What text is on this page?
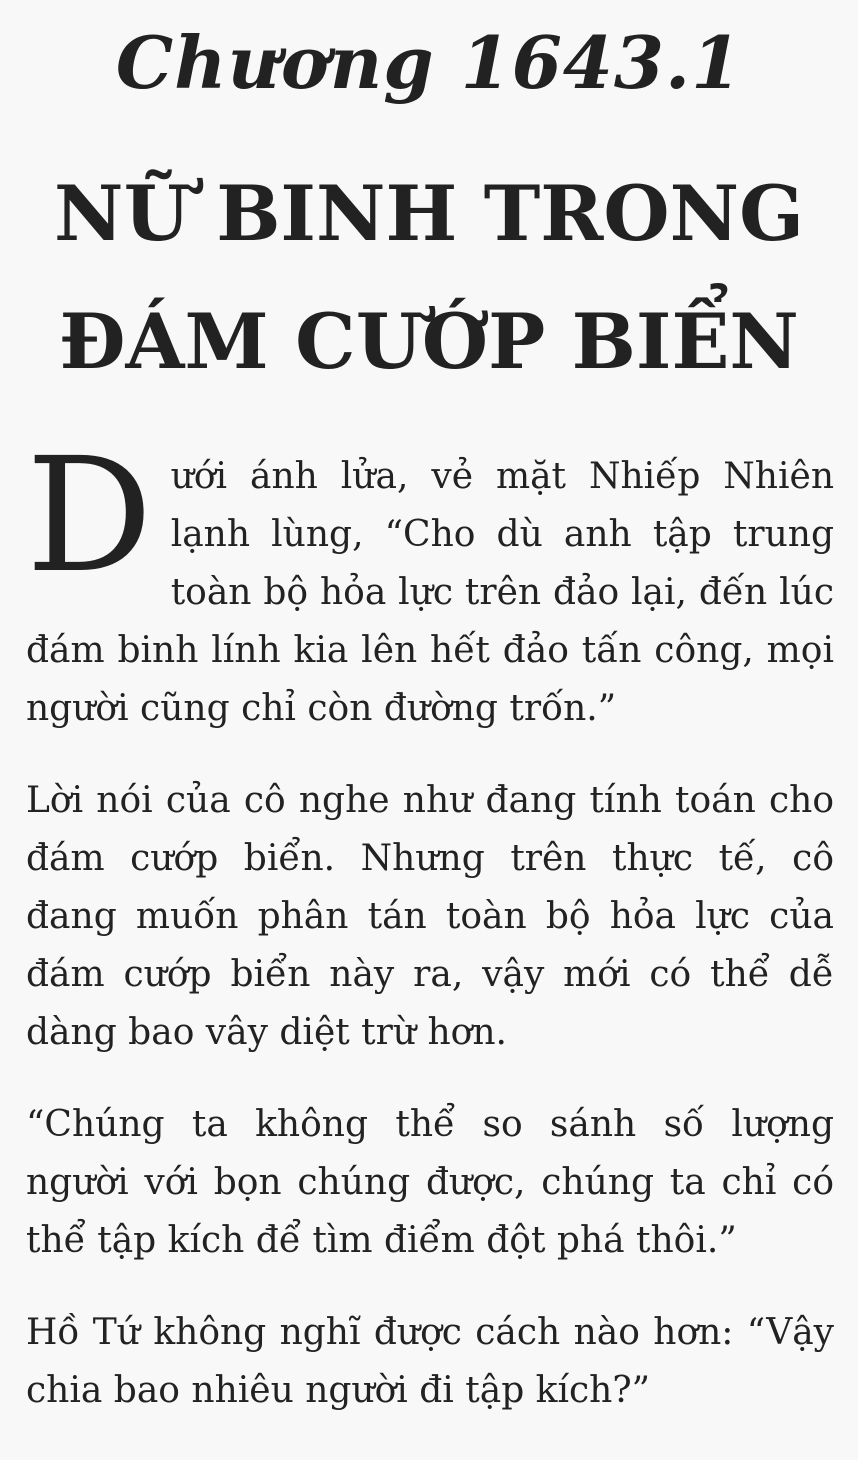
Chương 1643.1
NỮ BINH TRONG
ĐÁM CƯỚP BIỂN

Dưới ánh lửa, vẻ mặt Nhiếp Nhiên lạnh lùng, “Cho dù anh tập trung toàn bộ hỏa lực trên đảo lại, đến lúc đám binh lính kia lên hết đảo tấn công, mọi người cũng chỉ còn đường trốn.”

Lời nói của cô nghe như đang tính toán cho đám cướp biển. Nhưng trên thực tế, cô đang muốn phân tán toàn bộ hỏa lực của đám cướp biển này ra, vậy mới có thể dễ dàng bao vây diệt trừ hơn.

“Chúng ta không thể so sánh số lượng người với bọn chúng được, chúng ta chỉ có thể tập kích để tìm điểm đột phá thôi.”

Hồ Tứ không nghĩ được cách nào hơn: “Vậy chia bao nhiêu người đi tập kích?”
